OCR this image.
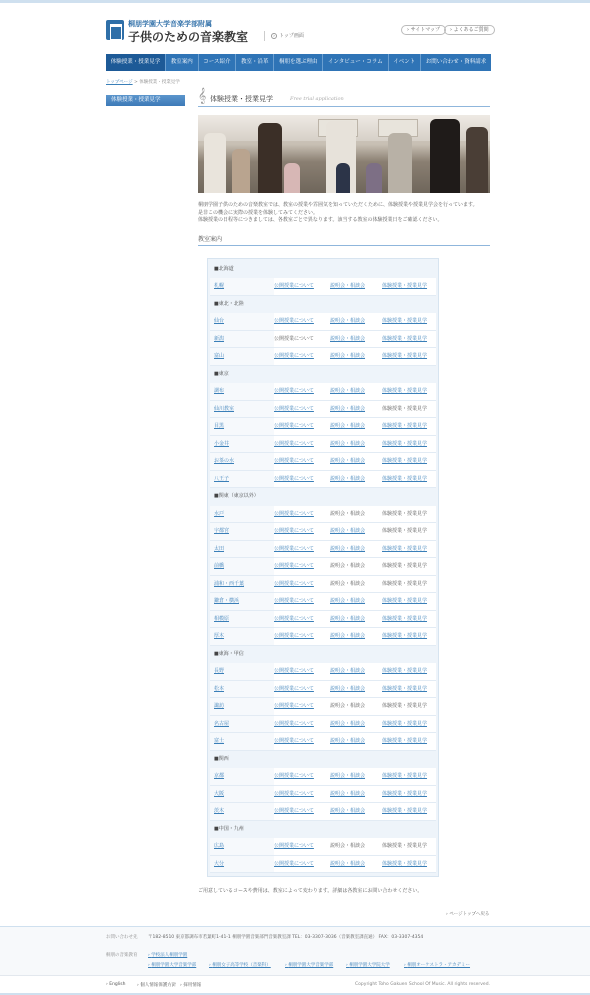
桐朋学園大学音楽学部附属
子供のための音楽教室	› トップ画面
› サイトマップ	› よくあるご質問
体験授業・授業見学	教室案内	コース紹介	教室・沿革	桐朋を選ぶ理由	インタビュー・コラム	イベント	お問い合わせ・資料請求
トップページ > 体験授業・授業見学
体験授業・授業見学	𝄞 体験授業・授業見学	Free trial application

桐朋学園子供のための音楽教室では、教室の授業や雰囲気を知っていただくために、体験授業や授業見学会を行っています。

是非この機会に実際の授業を体験してみてください。

体験授業の日程等につきましては、各教室ごとで異なります。該当する教室の体験授業日をご確認ください。

教室案内
■北海道
札幌	公開授業について	説明会・相談会	体験授業・授業見学
■東北・北陸
仙台	公開授業について	説明会・相談会	体験授業・授業見学
新潟	公開授業について	説明会・相談会	体験授業・授業見学
富山	公開授業について	説明会・相談会	体験授業・授業見学
■東京
調布	公開授業について	説明会・相談会	体験授業・授業見学
仙川教室	公開授業について	説明会・相談会	体験授業・授業見学
目黒	公開授業について	説明会・相談会	体験授業・授業見学
小金井	公開授業について	説明会・相談会	体験授業・授業見学
お茶の水	公開授業について	説明会・相談会	体験授業・授業見学
八王子	公開授業について	説明会・相談会	体験授業・授業見学
■関東（東京以外）
水戸	公開授業について	説明会・相談会	体験授業・授業見学
宇都宮	公開授業について	説明会・相談会	体験授業・授業見学
太田	公開授業について	説明会・相談会	体験授業・授業見学
前橋	公開授業について	説明会・相談会	体験授業・授業見学
浦和・西千葉	公開授業について	説明会・相談会	体験授業・授業見学
鎌倉・横浜	公開授業について	説明会・相談会	体験授業・授業見学
相模原	公開授業について	説明会・相談会	体験授業・授業見学
厚木	公開授業について	説明会・相談会	体験授業・授業見学
■東海・甲信
長野	公開授業について	説明会・相談会	体験授業・授業見学
松本	公開授業について	説明会・相談会	体験授業・授業見学
諏訪	公開授業について	説明会・相談会	体験授業・授業見学
名古屋	公開授業について	説明会・相談会	体験授業・授業見学
富士	公開授業について	説明会・相談会	体験授業・授業見学
■関西
京都	公開授業について	説明会・相談会	体験授業・授業見学
大阪	公開授業について	説明会・相談会	体験授業・授業見学
茨木	公開授業について	説明会・相談会	体験授業・授業見学
■中国・九州
広島	公開授業について	説明会・相談会	体験授業・授業見学
大分	公開授業について	説明会・相談会	体験授業・授業見学
ご用意しているコースや費用は、教室によって変わります。詳細は各教室にお問い合わせください。
› ページトップへ戻る
お問い合わせ先 〒182-8510 東京都調布市若葉町1-41-1 桐朋学園音楽部門音楽教室課 TEL：03-3307-3036（音楽教室課直通） FAX：03-3307-4354
桐朋の音楽教育 › 学校法人桐朋学園
› 桐朋学園大学音楽学部	› 桐朋女子高等学校（音楽科）	› 桐朋学園大学音楽学部	› 桐朋学園大学院大学	› 桐朋オーケストラ・アカデミー
› English	› 個人情報保護方針 › 採用情報	Copyright Toho Gakuen School Of Music. All rights reserved.
